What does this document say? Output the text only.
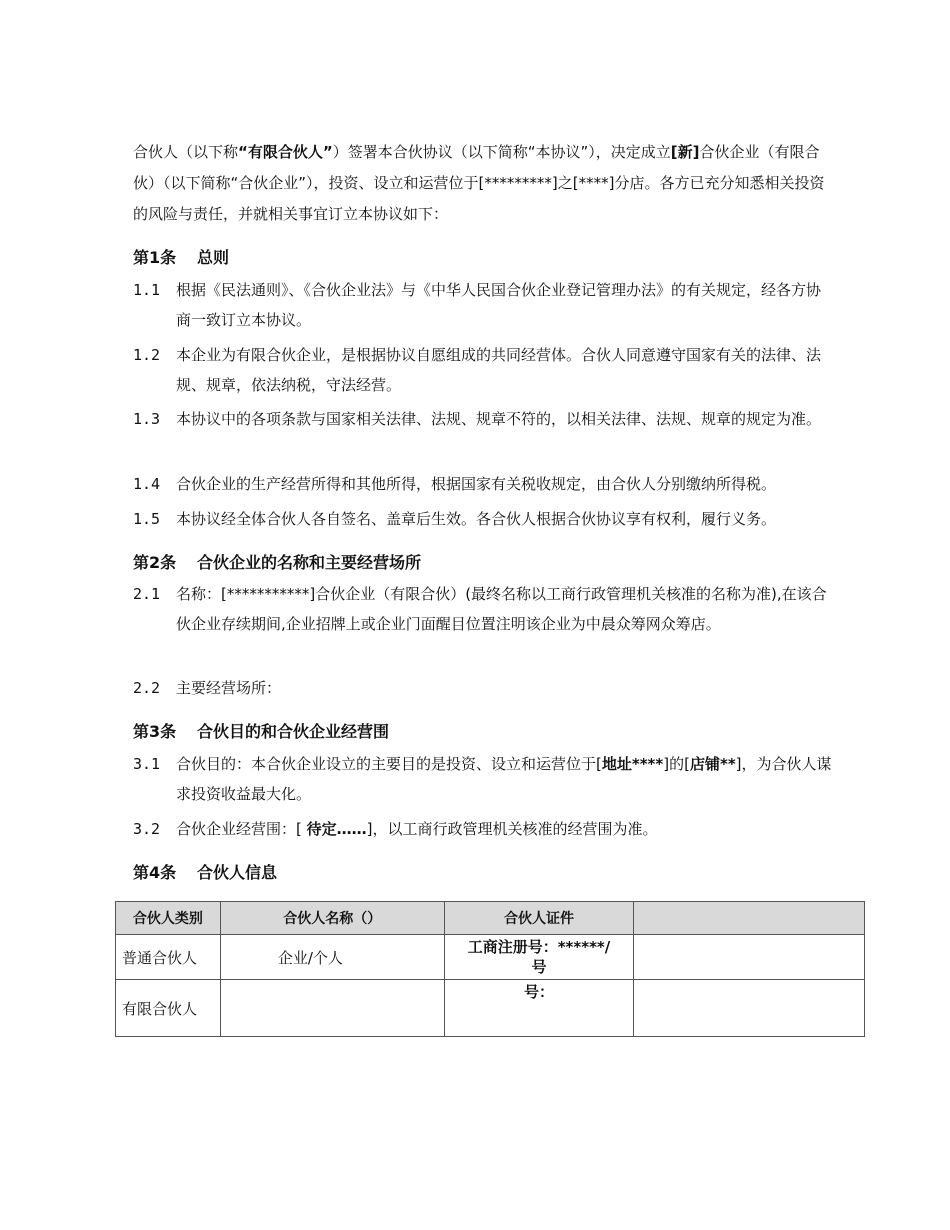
合伙人（以下称“有限合伙人”）签署本合伙协议（以下简称“本协议”），决定成立[新]合伙企业（有限合伙）（以下简称“合伙企业”），投资、设立和运营位于[*********]之[****]分店。各方已充分知悉相关投资的风险与责任，并就相关事宜订立本协议如下：

第1条 总则
1.1	根据《民法通则》、《合伙企业法》与《中华人民国合伙企业登记管理办法》的有关规定，经各方协商一致订立本协议。
1.2	本企业为有限合伙企业，是根据协议自愿组成的共同经营体。合伙人同意遵守国家有关的法律、法规、规章，依法纳税，守法经营。
1.3	本协议中的各项条款与国家相关法律、法规、规章不符的，以相关法律、法规、规章的规定为准。
1.4	合伙企业的生产经营所得和其他所得，根据国家有关税收规定，由合伙人分别缴纳所得税。
1.5	本协议经全体合伙人各自签名、盖章后生效。各合伙人根据合伙协议享有权利，履行义务。
第2条 合伙企业的名称和主要经营场所
2.1	名称：[***********]合伙企业（有限合伙）(最终名称以工商行政管理机关核准的名称为准),在该合伙企业存续期间,企业招牌上或企业门面醒目位置注明该企业为中晨众筹网众筹店。
2.2	主要经营场所：
第3条 合伙目的和合伙企业经营围
3.1	合伙目的：本合伙企业设立的主要目的是投资、设立和运营位于[地址****]的[店铺**]，为合伙人谋求投资收益最大化。
3.2	合伙企业经营围：[ 待定……]，以工商行政管理机关核准的经营围为准。
第4条 合伙人信息
合伙人类别	合伙人名称（）	合伙人证件	
普通合伙人	企业/个人	工商注册号：******/
号	

有限合伙人		号：	
